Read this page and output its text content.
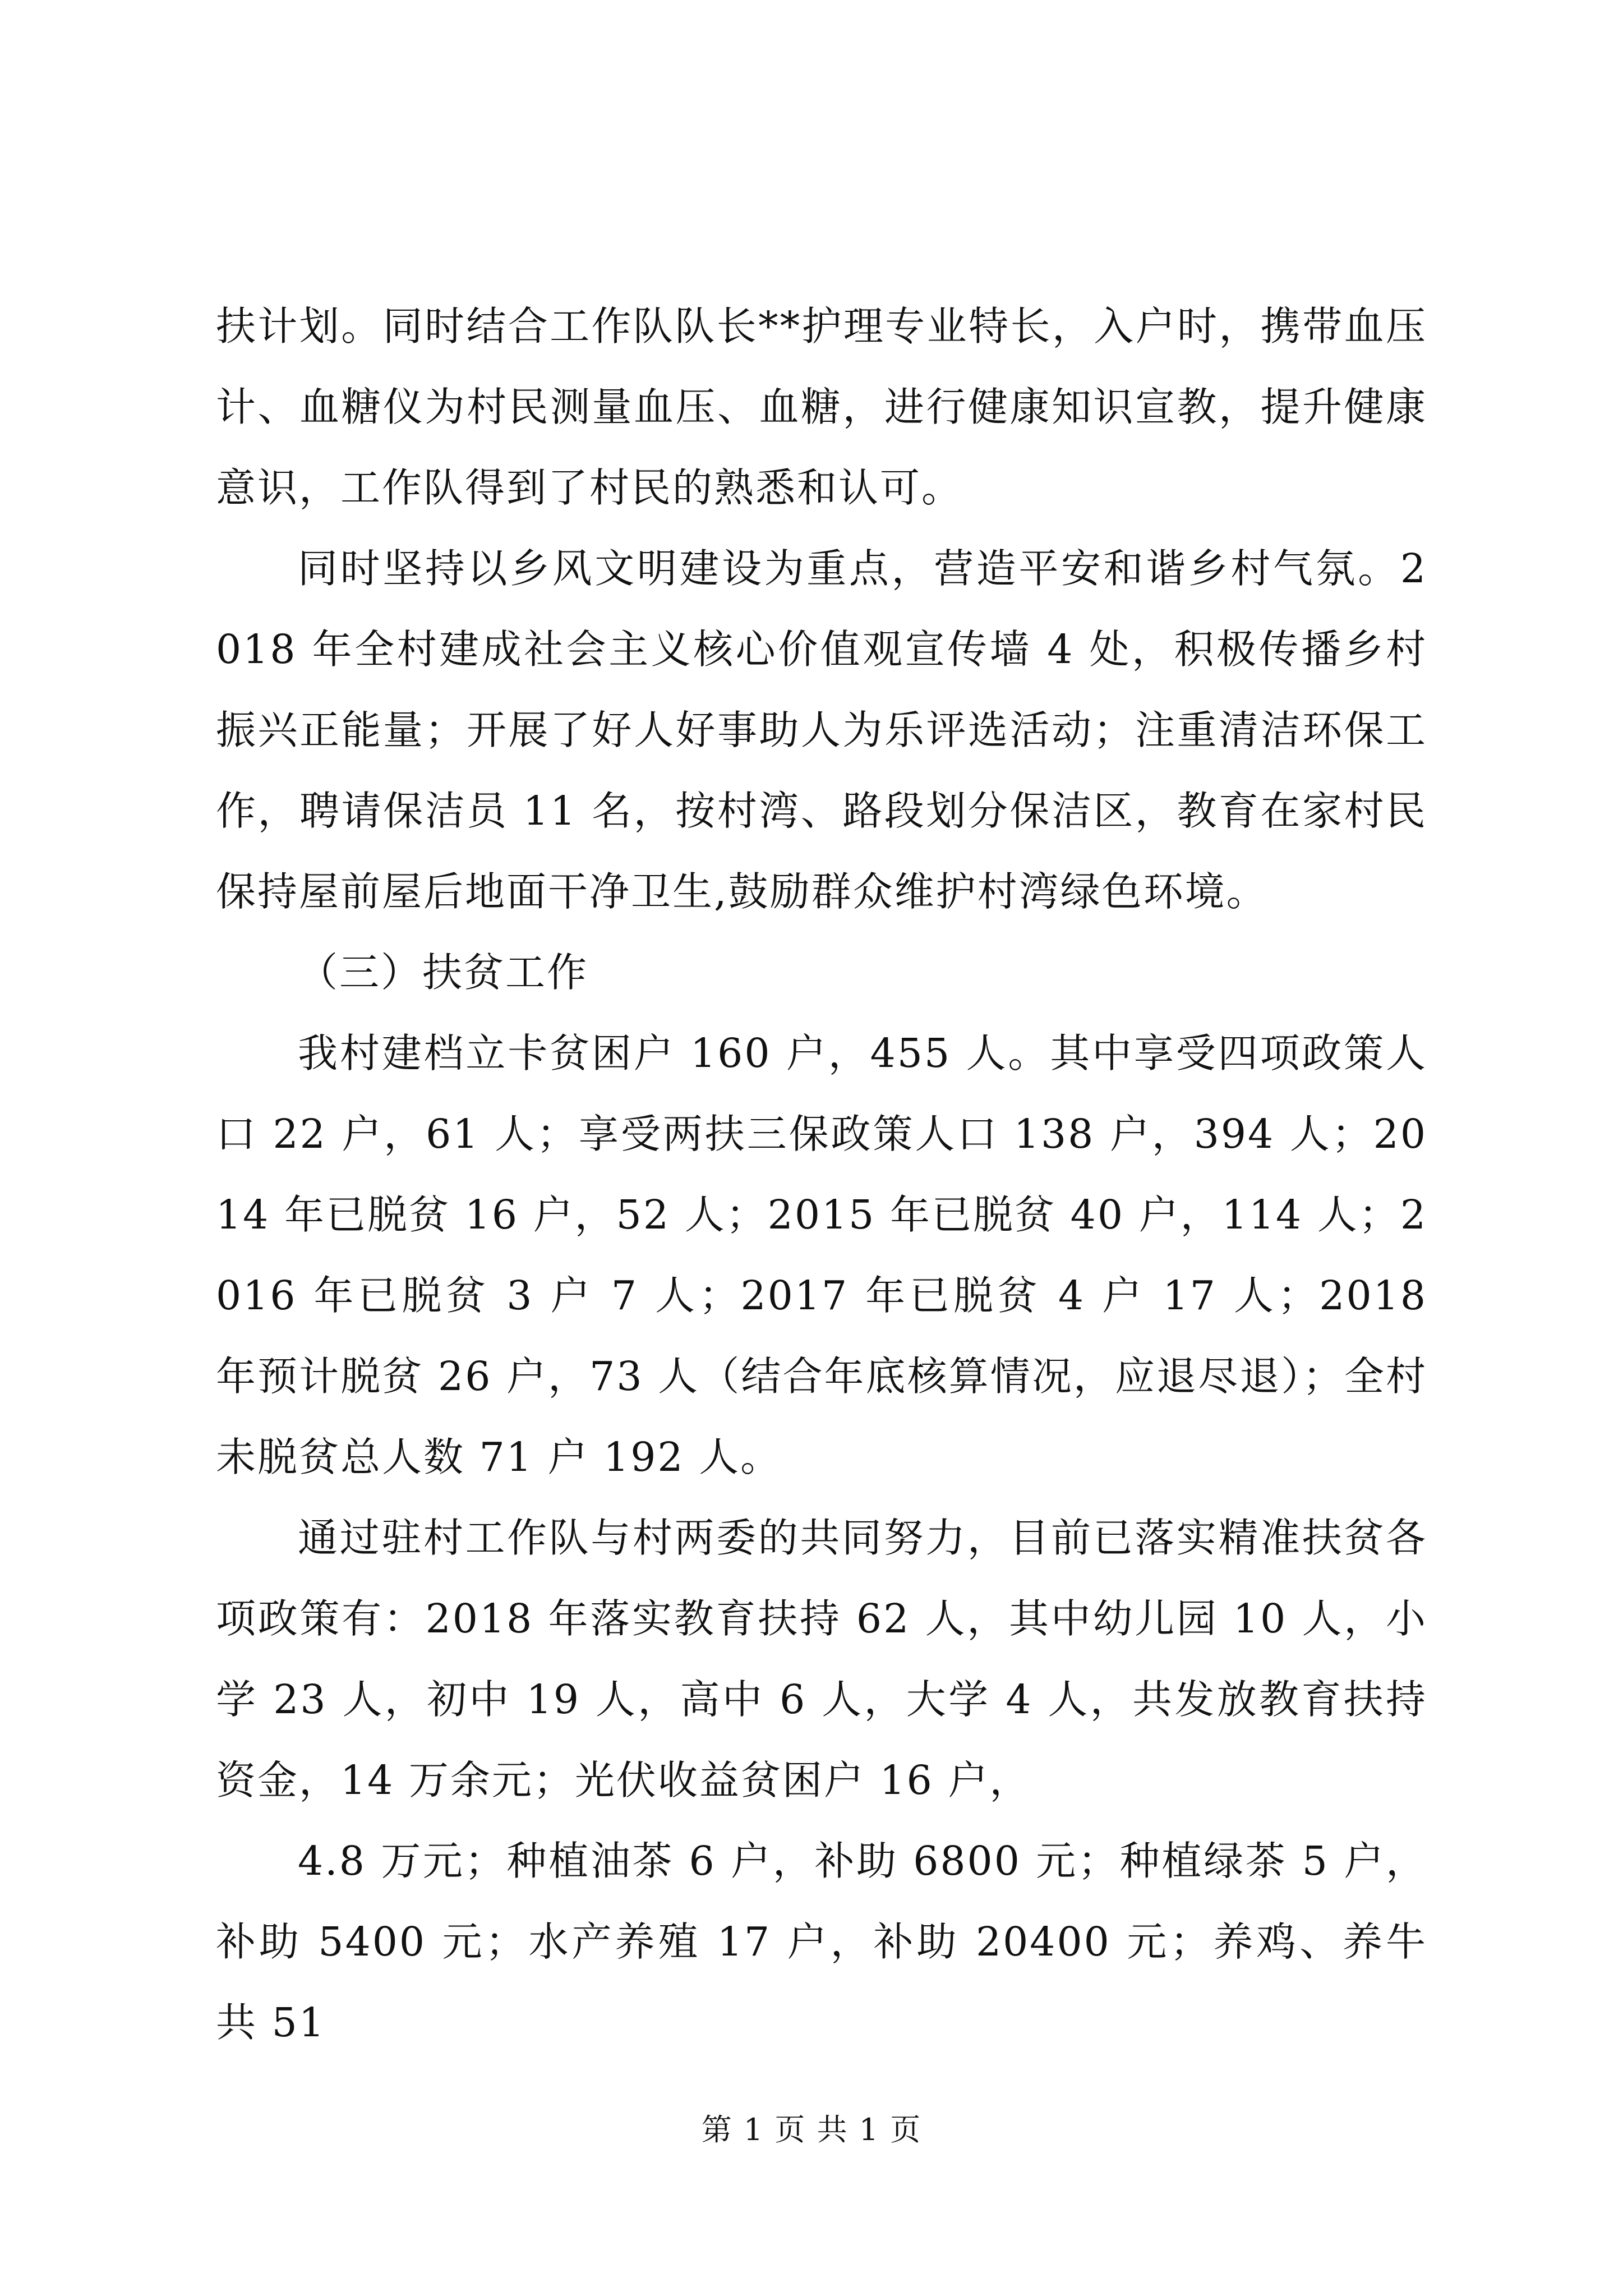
扶计划。同时结合工作队队长**护理专业特长，入户时，携带血压计、血糖仪为村民测量血压、血糖，进行健康知识宣教，提升健康意识，工作队得到了村民的熟悉和认可。

同时坚持以乡风文明建设为重点，营造平安和谐乡村气氛。2018 年全村建成社会主义核心价值观宣传墙 4 处，积极传播乡村振兴正能量；开展了好人好事助人为乐评选活动；注重清洁环保工作，聘请保洁员 11 名，按村湾、路段划分保洁区，教育在家村民保持屋前屋后地面干净卫生,鼓励群众维护村湾绿色环境。

（三）扶贫工作

我村建档立卡贫困户 160 户，455 人。其中享受四项政策人口 22 户，61 人；享受两扶三保政策人口 138 户，394 人；2014 年已脱贫 16 户，52 人；2015 年已脱贫 40 户，114 人；2016 年已脱贫 3 户 7 人；2017 年已脱贫 4 户 17 人；2018 年预计脱贫 26 户，73 人（结合年底核算情况，应退尽退）；全村未脱贫总人数 71 户 192 人。

通过驻村工作队与村两委的共同努力，目前已落实精准扶贫各项政策有：2018 年落实教育扶持 62 人，其中幼儿园 10 人，小学 23 人，初中 19 人，高中 6 人，大学 4 人，共发放教育扶持资金，14 万余元；光伏收益贫困户 16 户，

4.8 万元；种植油茶 6 户，补助 6800 元；种植绿茶 5 户，补助 5400 元；水产养殖 17 户，补助 20400 元；养鸡、养牛共 51

第 1 页 共 1 页
